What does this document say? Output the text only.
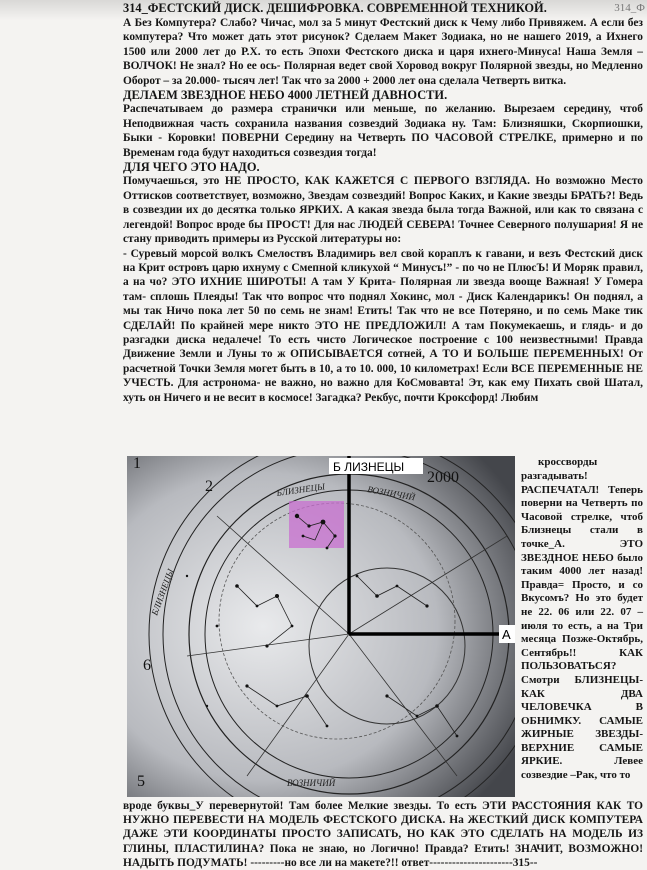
314_ФЕСТСКИЙ ДИСК. ДЕШИФРОВКА. СОВРЕМЕННОЙ ТЕХНИКОЙ.	314_Ф

А Без Компутера? Слабо? Чичас, мол за 5 минут Фестский диск к Чему либо Привяжем. А если без компутера? Что может дать этот рисунок? Сделаем Макет Зодиака, но не нашего 2019, а Ихнего 1500 или 2000 лет до Р.Х. то есть Эпохи Фестского диска и царя ихнего-Минуса! Наша Земля – ВОЛЧОК! Не знал? Но ее ось- Полярная ведет свой Хоровод вокруг Полярной звезды, но Медленно Оборот – за 20.000- тысяч лет! Так что за 2000 + 2000 лет она сделала Четверть витка.

ДЕЛАЕМ ЗВЕЗДНОЕ НЕБО 4000 ЛЕТНЕЙ ДАВНОСТИ.

Распечатываем до размера странички или меньше, по желанию. Вырезаем середину, чтоб Неподвижная часть сохранила названия созвездий Зодиака ну. Там: Близняшки, Скорпиошки, Быки - Коровки! ПОВЕРНИ Середину на Четверть ПО ЧАСОВОЙ СТРЕЛКЕ, примерно и по Временам года будут находиться созвездия тогда!

ДЛЯ ЧЕГО ЭТО НАДО.

Помучаешься, это НЕ ПРОСТО, КАК КАЖЕТСЯ С ПЕРВОГО ВЗГЛЯДА. Но возможно Место Оттисков соответствует, возможно, Звездам созвездий! Вопрос Каких, и Какие звезды БРАТЬ?! Ведь в созвездии их до десятка только ЯРКИХ. А какая звезда была тогда Важной, или как то связана с легендой! Вопрос вроде бы ПРОСТ! Для нас ЛЮДЕЙ СЕВЕРА! Точнее Северного полушария! Я не стану приводить примеры из Русской литературы но:

- Суревый морсой волкъ Смелоствъ Владимирь вел свой кораплъ к гавани, и везъ Фестский диск на Крит островъ царю ихнуму с Смепной кликухой “ Минусъ!” - по чо не ПлюсЪ! И Моряк правил, а на чо? ЭТО ИХНИЕ ШИРОТЫ! А там У Крита- Полярная ли звезда вооще Важная! У Гомера там- сплошь Плеяды! Так что вопрос что поднял Хокинс, мол - Диск Календарикъ! Он поднял, а мы так Ничо пока лет 50 по семь не знам! Етить! Так что не все Потеряно, и по семь Маке тик СДЕЛАЙ! По крайней мере никто ЭТО НЕ ПРЕДЛОЖИЛ! А там Покумекаешь, и глядь- и до разгадки диска недалече! То есть чисто Логическое построение с 100 неизвестными! Правда Движение Земли и Луны то ж ОПИСЫВАЕТСЯ сотней, А ТО И БОЛЬШЕ ПЕРЕМЕННЫХ! От расчетной Точки Земля могет быть в 10, а то 10. 000, 10 километрах! Если ВСЕ ПЕРЕМЕННЫЕ НЕ УЧЕСТЬ. Для астронома- не важно, но важно для КоСмовавта! Эт, как ему Пихать свой Шатал, хуть он Ничего и не весит в космосе! Загадка? Рекбус, почти Кроксфорд! Любим

БЛИЗНЕЦЫ	ВОЗНИЧИЙ
БЛИЗНЕЦЫ
ВОЗНИЧИЙ
2000
2
1
6
5
Б ЛИЗНЕЦЫ
А
кроссворды

разгадывать! РАСПЕЧАТАЛ! Теперь поверни на Четверть по Часовой стрелке, чтоб Близнецы стали в точке_А. ЭТО ЗВЕЗДНОЕ НЕБО было таким 4000 лет назад! Правда= Просто, и со Вкусомъ? Но это будет не 22. 06 или 22. 07 – июля то есть, а на Три месяца Позже-Октябрь, Сентябрь!! КАК ПОЛЬЗОВАТЬСЯ? Смотри БЛИЗНЕЦЫ-КАК ДВА ЧЕЛОВЕЧКА В ОБНИМКУ. САМЫЕ ЖИРНЫЕ ЗВЕЗДЫ- ВЕРХНИЕ САМЫЕ ЯРКИЕ. Левее созвездие –Рак, что то

вроде буквы_У перевернутой! Там более Мелкие звезды. То есть ЭТИ РАССТОЯНИЯ КАК ТО НУЖНО ПЕРЕВЕСТИ НА МОДЕЛЬ ФЕСТСКОГО ДИСКА. На ЖЕСТКИЙ ДИСК КОМПУТЕРА ДАЖЕ ЭТИ КООРДИНАТЫ ПРОСТО ЗАПИСАТЬ, НО КАК ЭТО СДЕЛАТЬ НА МОДЕЛЬ ИЗ ГЛИНЫ, ПЛАСТИЛИНА? Пока не знаю, но Логично! Правда? Етить! ЗНАЧИТ, ВОЗМОЖНО! НАДЫТЬ ПОДУМАТЬ! ---------но все ли на макете?!! ответ----------------------315--
